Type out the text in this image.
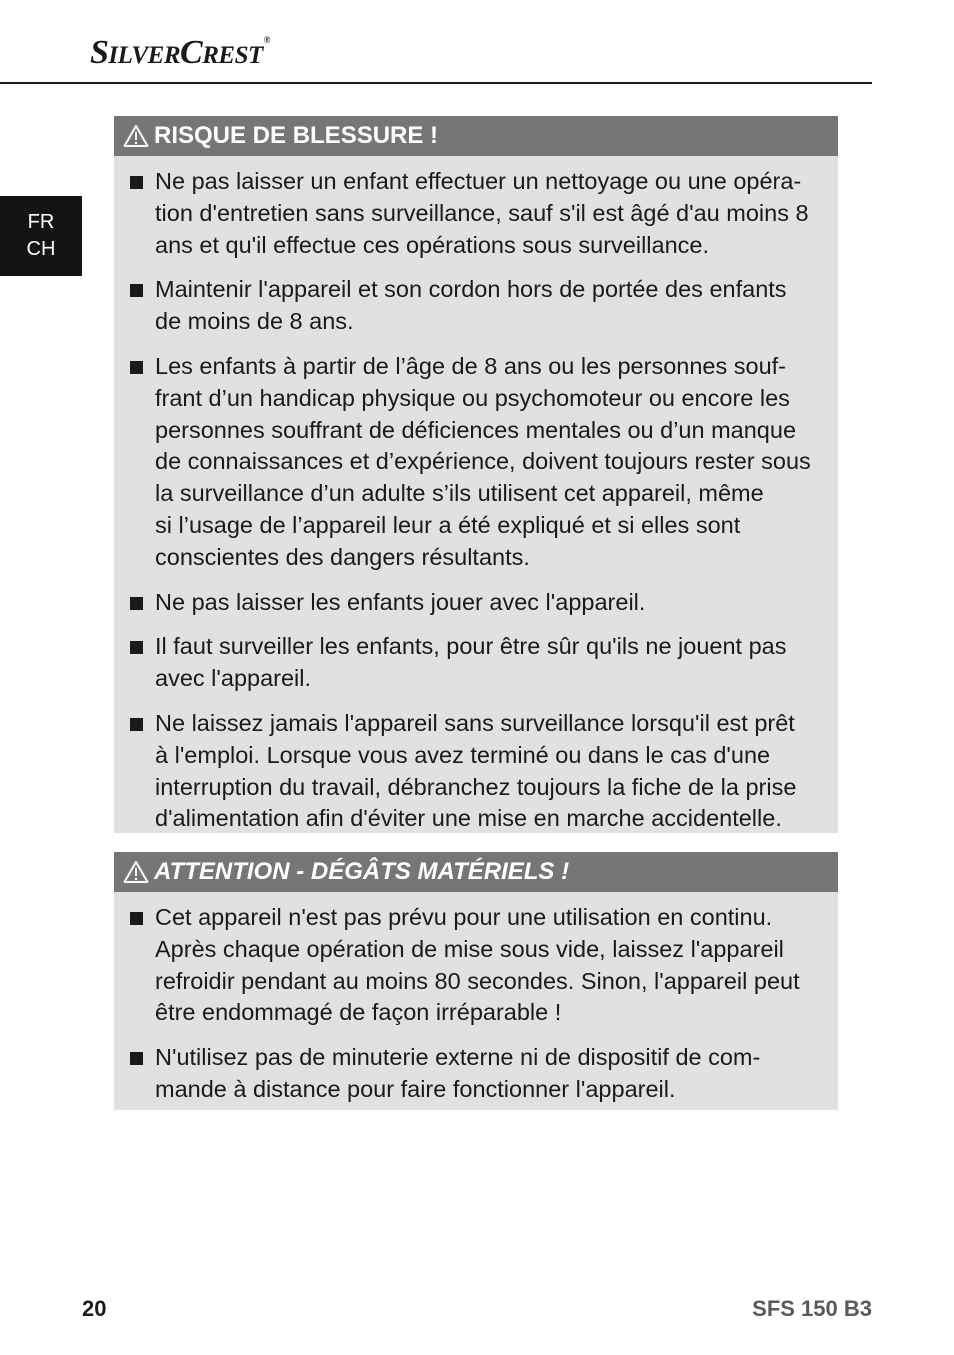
SILVERCREST®
FR
CH
RISQUE DE BLESSURE !
Ne pas laisser un enfant effectuer un nettoyage ou une opéra-
tion d'entretien sans surveillance, sauf s'il est âgé d'au moins 8
ans et qu'il effectue ces opérations sous surveillance.
Maintenir l'appareil et son cordon hors de portée des enfants
de moins de 8 ans.
Les enfants à partir de l’âge de 8 ans ou les personnes souf-
frant d’un handicap physique ou psychomoteur ou encore les
personnes souffrant de déficiences mentales ou d’un manque
de connaissances et d’expérience, doivent toujours rester sous
la surveillance d’un adulte s’ils utilisent cet appareil, même
si l’usage de l’appareil leur a été expliqué et si elles sont
conscientes des dangers résultants.
Ne pas laisser les enfants jouer avec l'appareil.
Il faut surveiller les enfants, pour être sûr qu'ils ne jouent pas
avec l'appareil.
Ne laissez jamais l'appareil sans surveillance lorsqu'il est prêt
à l'emploi. Lorsque vous avez terminé ou dans le cas d'une
interruption du travail, débranchez toujours la fiche de la prise
d'alimentation afin d'éviter une mise en marche accidentelle.
ATTENTION - DÉGÂTS MATÉRIELS !
Cet appareil n'est pas prévu pour une utilisation en continu.
Après chaque opération de mise sous vide, laissez l'appareil
refroidir pendant au moins 80 secondes. Sinon, l'appareil peut
être endommagé de façon irréparable !
N'utilisez pas de minuterie externe ni de dispositif de com-
mande à distance pour faire fonctionner l'appareil.
20	SFS 150 B3
